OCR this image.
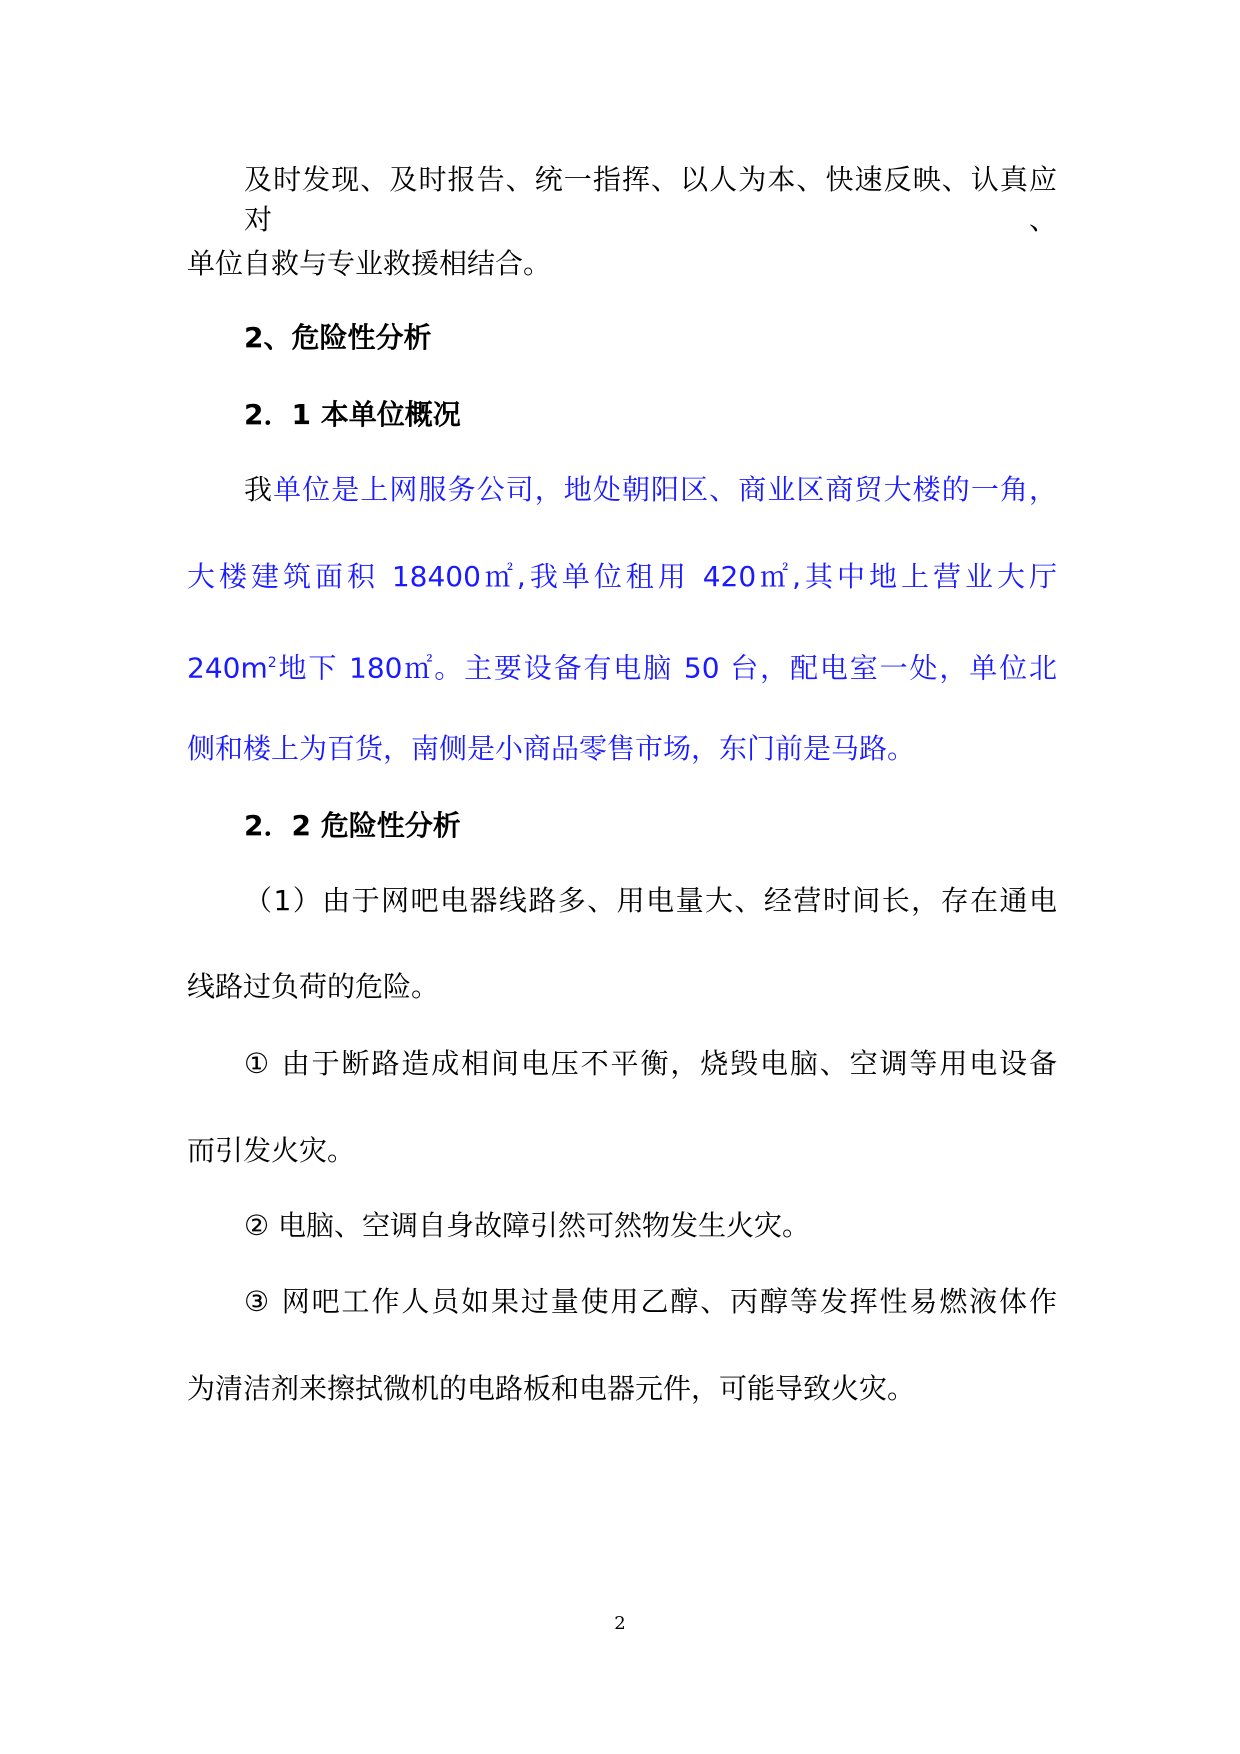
及时发现、及时报告、统一指挥、以人为本、快速反映、认真应对、
单位自救与专业救援相结合。
2、危险性分析
2．1 本单位概况
我单位是上网服务公司，地处朝阳区、商业区商贸大楼的一角，
大楼建筑面积 18400㎡,我单位租用 420㎡,其中地上营业大厅
$240m^2$地下 180㎡。主要设备有电脑 50 台，配电室一处，单位北
侧和楼上为百货，南侧是小商品零售市场，东门前是马路。
2．2 危险性分析
（1）由于网吧电器线路多、用电量大、经营时间长，存在通电
线路过负荷的危险。
① 由于断路造成相间电压不平衡，烧毁电脑、空调等用电设备
而引发火灾。
② 电脑、空调自身故障引然可然物发生火灾。
③ 网吧工作人员如果过量使用乙醇、丙醇等发挥性易燃液体作
为清洁剂来擦拭微机的电路板和电器元件，可能导致火灾。
2
